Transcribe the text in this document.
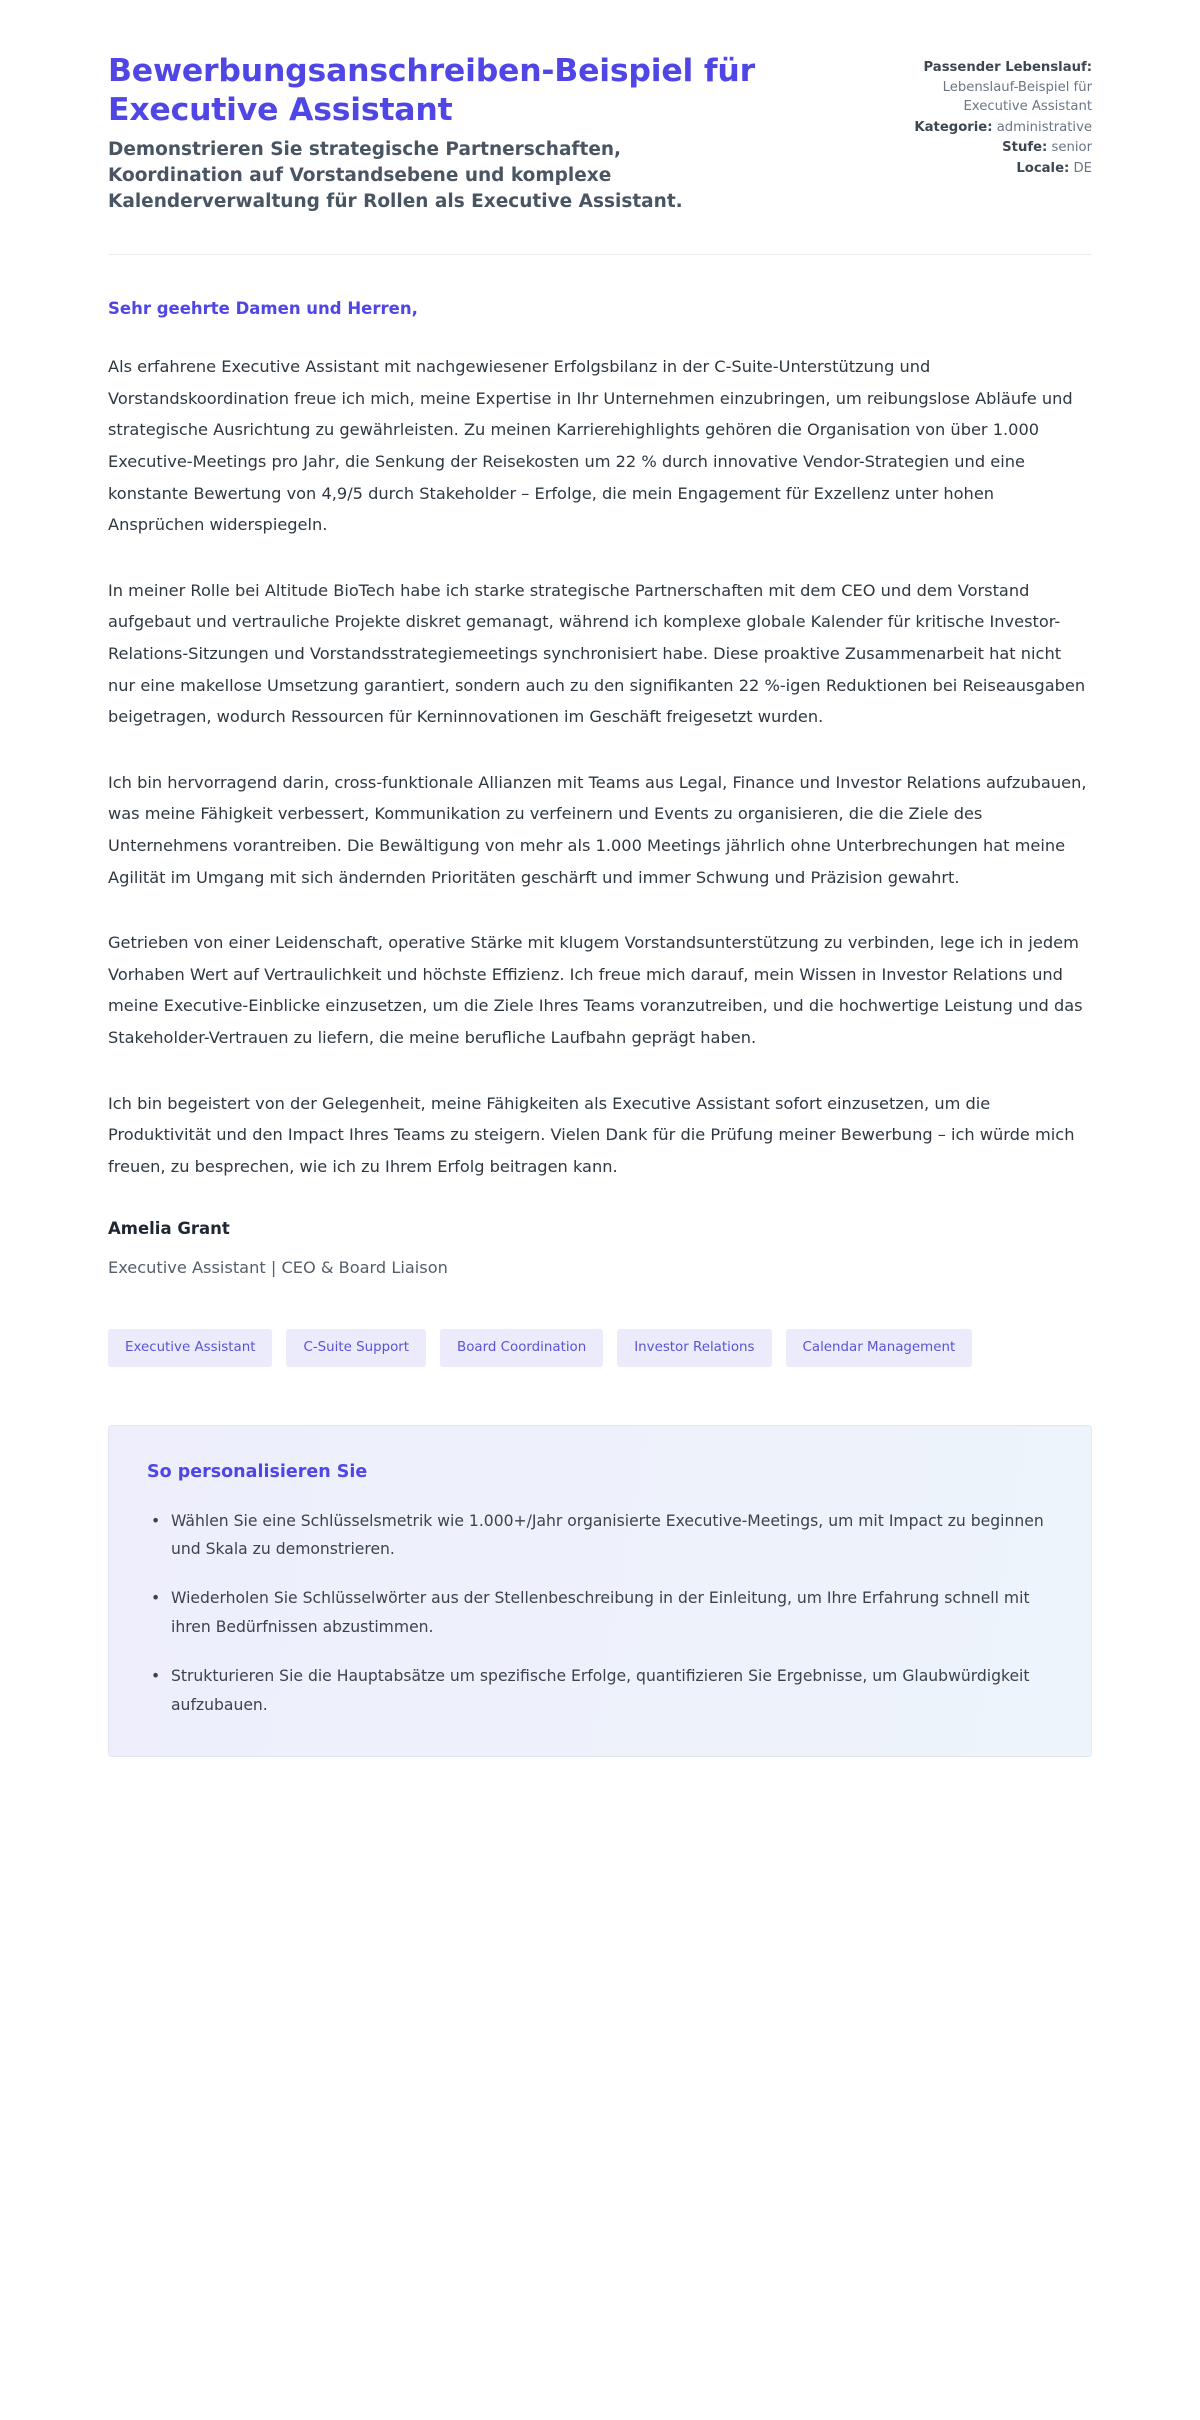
Bewerbungsanschreiben-Beispiel für Executive Assistant

Demonstrieren Sie strategische Partnerschaften, Koordination auf Vorstandsebene und komplexe Kalenderverwaltung für Rollen als Executive Assistant.

Passender Lebenslauf: Lebenslauf-Beispiel für Executive Assistant
Kategorie: administrative
Stufe: senior
Locale: DE

Sehr geehrte Damen und Herren,

Als erfahrene Executive Assistant mit nachgewiesener Erfolgsbilanz in der C-Suite-Unterstützung und Vorstandskoordination freue ich mich, meine Expertise in Ihr Unternehmen einzubringen, um reibungslose Abläufe und strategische Ausrichtung zu gewährleisten. Zu meinen Karrierehighlights gehören die Organisation von über 1.000 Executive-Meetings pro Jahr, die Senkung der Reisekosten um 22 % durch innovative Vendor-Strategien und eine konstante Bewertung von 4,9/5 durch Stakeholder – Erfolge, die mein Engagement für Exzellenz unter hohen Ansprüchen widerspiegeln.

In meiner Rolle bei Altitude BioTech habe ich starke strategische Partnerschaften mit dem CEO und dem Vorstand aufgebaut und vertrauliche Projekte diskret gemanagt, während ich komplexe globale Kalender für kritische Investor-Relations-Sitzungen und Vorstandsstrategiemeetings synchronisiert habe. Diese proaktive Zusammenarbeit hat nicht nur eine makellose Umsetzung garantiert, sondern auch zu den signifikanten 22 %-igen Reduktionen bei Reiseausgaben beigetragen, wodurch Ressourcen für Kerninnovationen im Geschäft freigesetzt wurden.

Ich bin hervorragend darin, cross-funktionale Allianzen mit Teams aus Legal, Finance und Investor Relations aufzubauen, was meine Fähigkeit verbessert, Kommunikation zu verfeinern und Events zu organisieren, die die Ziele des Unternehmens vorantreiben. Die Bewältigung von mehr als 1.000 Meetings jährlich ohne Unterbrechungen hat meine Agilität im Umgang mit sich ändernden Prioritäten geschärft und immer Schwung und Präzision gewahrt.

Getrieben von einer Leidenschaft, operative Stärke mit klugem Vorstandsunterstützung zu verbinden, lege ich in jedem Vorhaben Wert auf Vertraulichkeit und höchste Effizienz. Ich freue mich darauf, mein Wissen in Investor Relations und meine Executive-Einblicke einzusetzen, um die Ziele Ihres Teams voranzutreiben, und die hochwertige Leistung und das Stakeholder-Vertrauen zu liefern, die meine berufliche Laufbahn geprägt haben.

Ich bin begeistert von der Gelegenheit, meine Fähigkeiten als Executive Assistant sofort einzusetzen, um die Produktivität und den Impact Ihres Teams zu steigern. Vielen Dank für die Prüfung meiner Bewerbung – ich würde mich freuen, zu besprechen, wie ich zu Ihrem Erfolg beitragen kann.

Amelia Grant

Executive Assistant | CEO & Board Liaison

Executive Assistant	C-Suite Support	Board Coordination	Investor Relations	Calendar Management
So personalisieren Sie
• Wählen Sie eine Schlüsselsmetrik wie 1.000+/Jahr organisierte Executive-Meetings, um mit Impact zu beginnen und Skala zu demonstrieren.
• Wiederholen Sie Schlüsselwörter aus der Stellenbeschreibung in der Einleitung, um Ihre Erfahrung schnell mit ihren Bedürfnissen abzustimmen.
• Strukturieren Sie die Hauptabsätze um spezifische Erfolge, quantifizieren Sie Ergebnisse, um Glaubwürdigkeit aufzubauen.
